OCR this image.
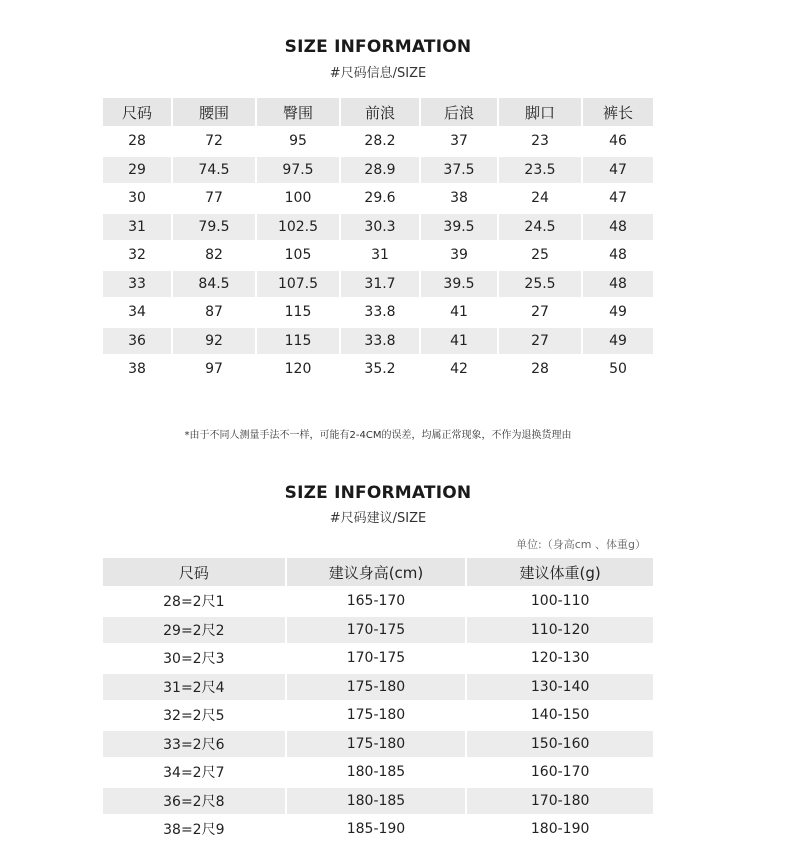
SIZE INFORMATION
#尺码信息/SIZE
尺码	腰围	臀围	前浪	后浪	脚口	裤长
28	72	95	28.2	37	23	46
29	74.5	97.5	28.9	37.5	23.5	47
30	77	100	29.6	38	24	47
31	79.5	102.5	30.3	39.5	24.5	48
32	82	105	31	39	25	48
33	84.5	107.5	31.7	39.5	25.5	48
34	87	115	33.8	41	27	49
36	92	115	33.8	41	27	49
38	97	120	35.2	42	28	50
*由于不同人测量手法不一样，可能有2-4CM的误差，均属正常现象，不作为退换货理由
SIZE INFORMATION
#尺码建议/SIZE
单位:（身高cm 、体重g）
尺码	建议身高(cm)	建议体重(g)
28=2尺1	165-170	100-110
29=2尺2	170-175	110-120
30=2尺3	170-175	120-130
31=2尺4	175-180	130-140
32=2尺5	175-180	140-150
33=2尺6	175-180	150-160
34=2尺7	180-185	160-170
36=2尺8	180-185	170-180
38=2尺9	185-190	180-190
